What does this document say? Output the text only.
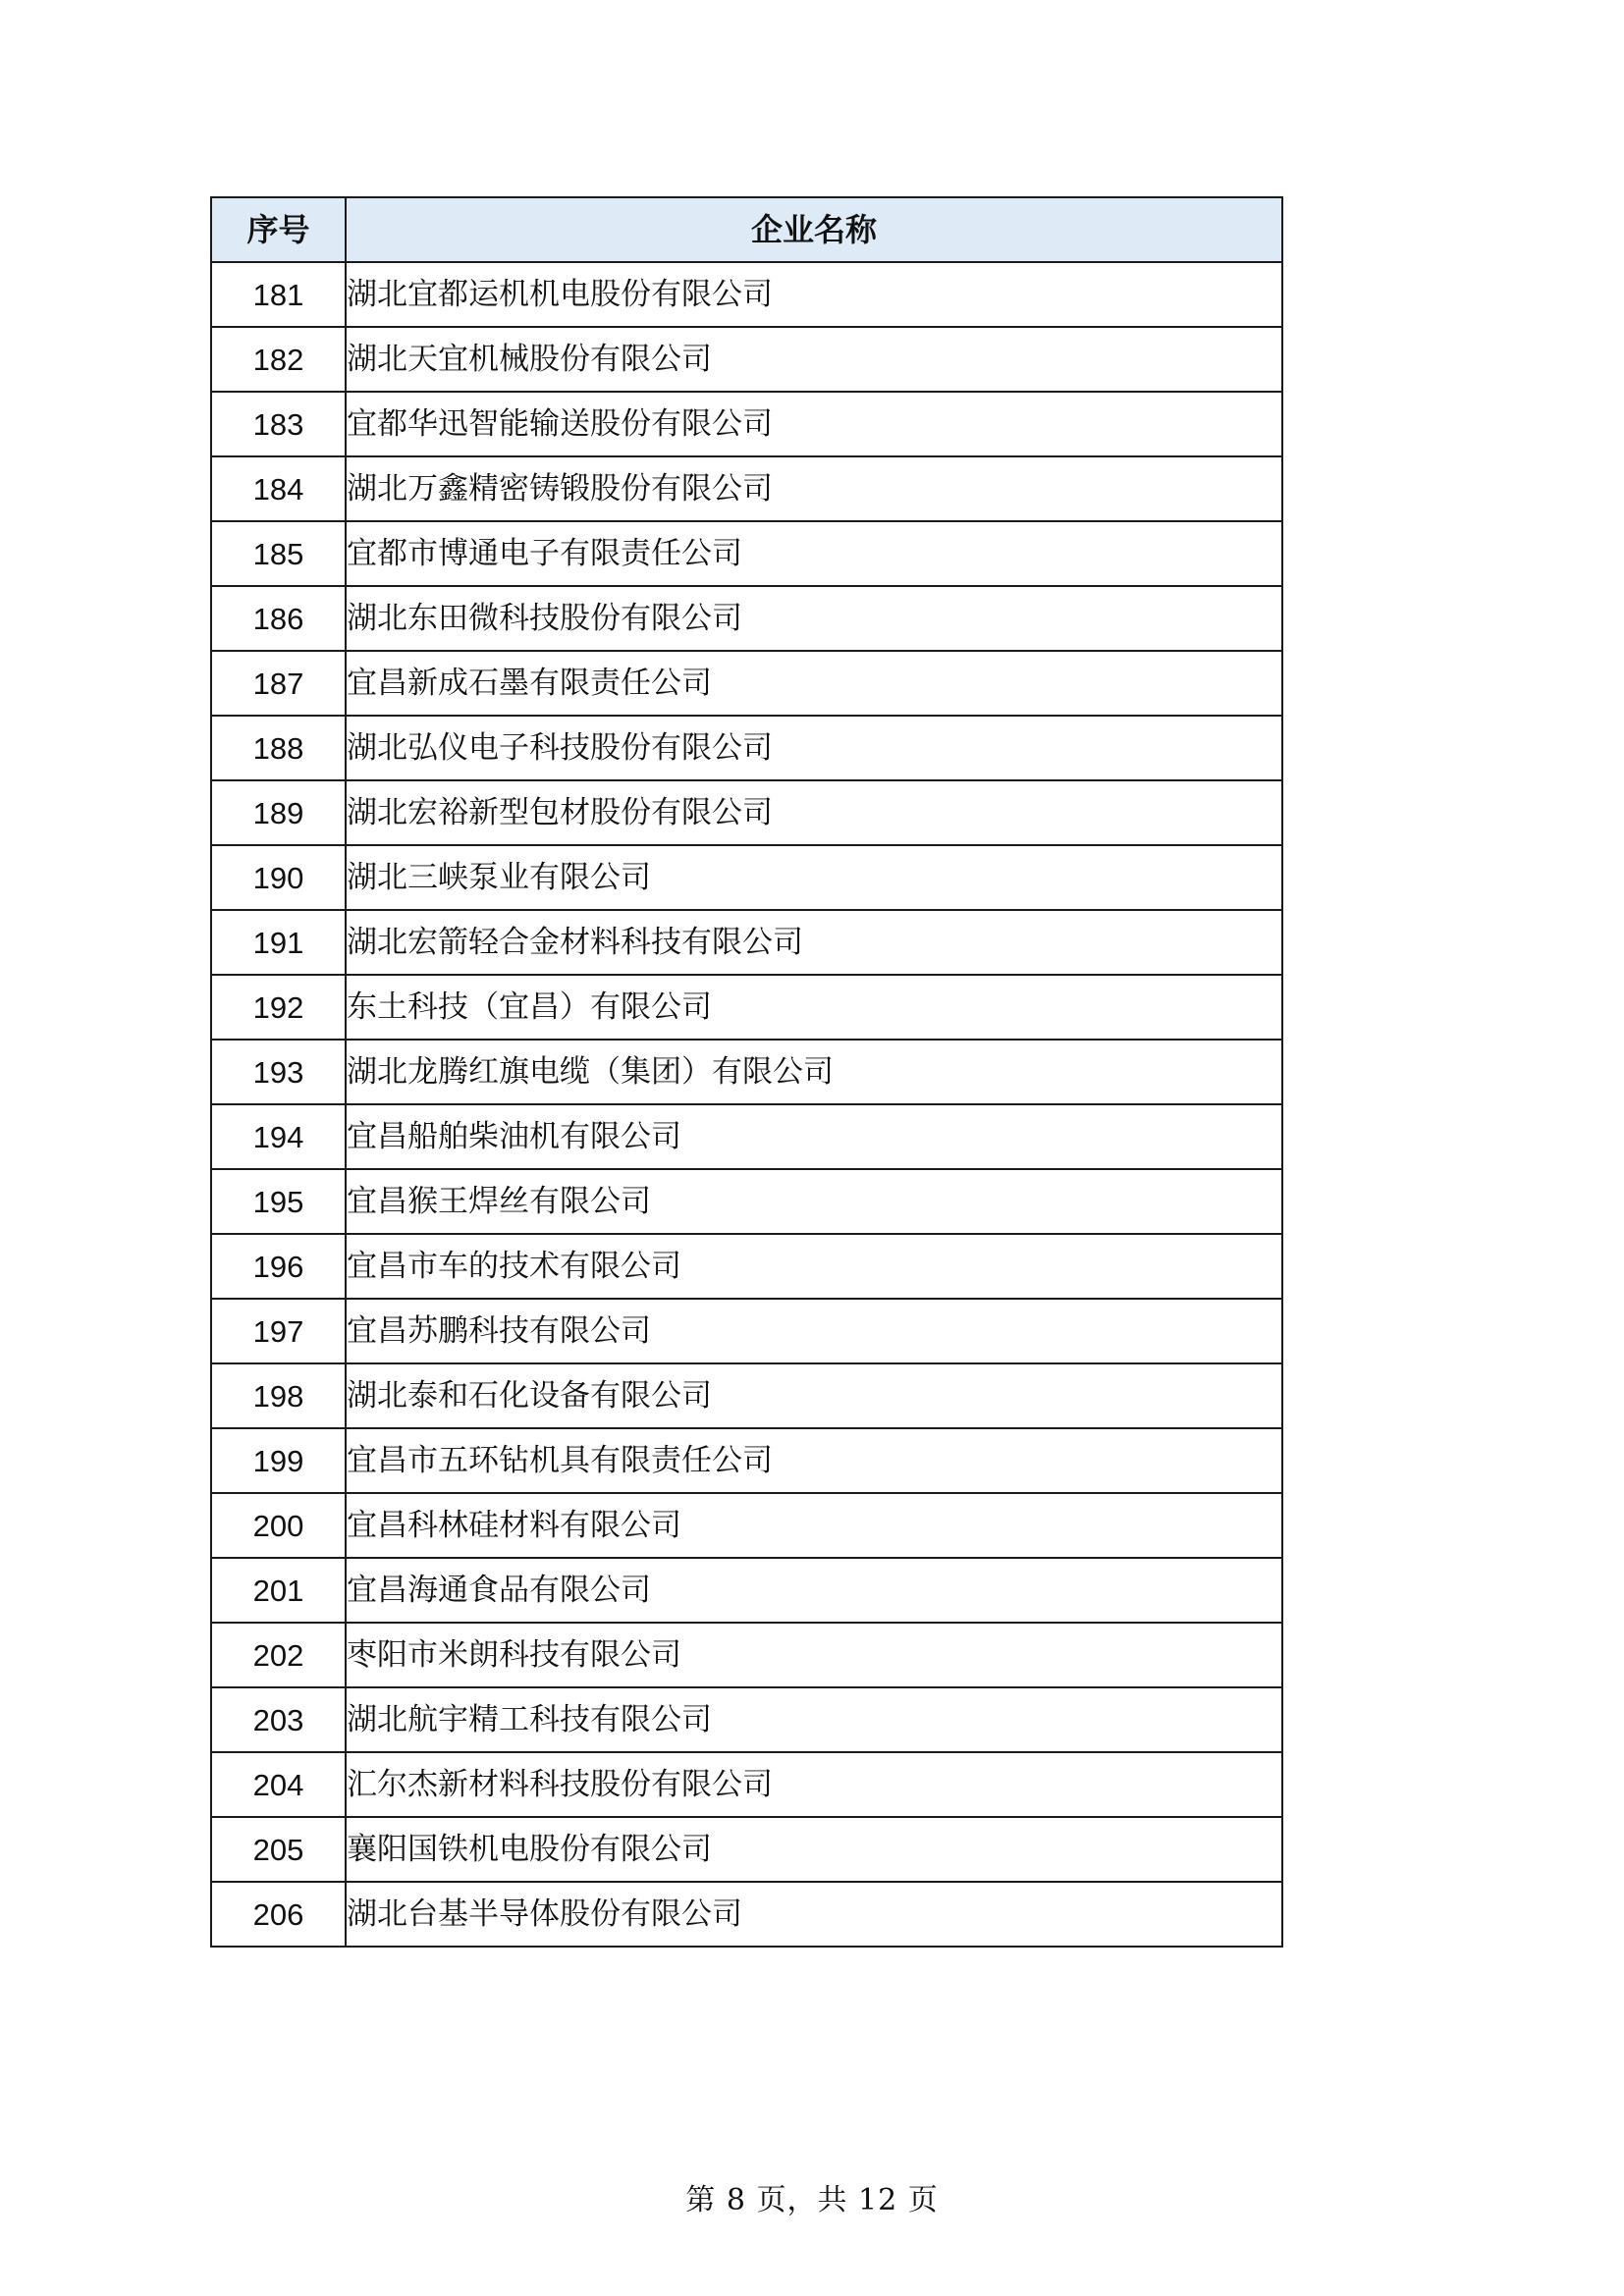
序号	企业名称
181	湖北宜都运机机电股份有限公司
182	湖北天宜机械股份有限公司
183	宜都华迅智能输送股份有限公司
184	湖北万鑫精密铸锻股份有限公司
185	宜都市博通电子有限责任公司
186	湖北东田微科技股份有限公司
187	宜昌新成石墨有限责任公司
188	湖北弘仪电子科技股份有限公司
189	湖北宏裕新型包材股份有限公司
190	湖北三峡泵业有限公司
191	湖北宏箭轻合金材料科技有限公司
192	东土科技（宜昌）有限公司
193	湖北龙腾红旗电缆（集团）有限公司
194	宜昌船舶柴油机有限公司
195	宜昌猴王焊丝有限公司
196	宜昌市车的技术有限公司
197	宜昌苏鹏科技有限公司
198	湖北泰和石化设备有限公司
199	宜昌市五环钻机具有限责任公司
200	宜昌科林硅材料有限公司
201	宜昌海通食品有限公司
202	枣阳市米朗科技有限公司
203	湖北航宇精工科技有限公司
204	汇尔杰新材料科技股份有限公司
205	襄阳国铁机电股份有限公司
206	湖北台基半导体股份有限公司
第 8 页，共 12 页
